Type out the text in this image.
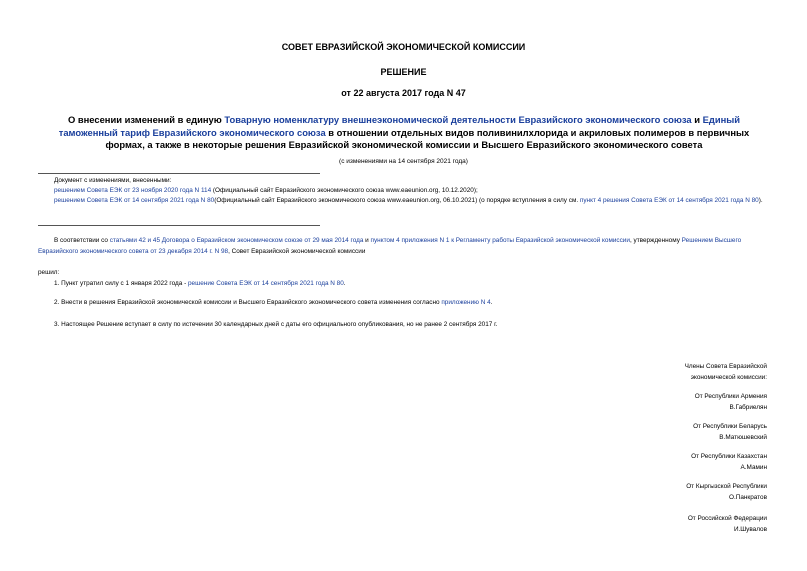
СОВЕТ ЕВРАЗИЙСКОЙ ЭКОНОМИЧЕСКОЙ КОМИССИИ
РЕШЕНИЕ
от 22 августа 2017 года N 47
О внесении изменений в единую Товарную номенклатуру внешнеэкономической деятельности Евразийского экономического союза и Единый таможенный тариф Евразийского экономического союза в отношении отдельных видов поливинилхлорида и акриловых полимеров в первичных формах, а также в некоторые решения Евразийской экономической комиссии и Высшего Евразийского экономического совета
(с изменениями на 14 сентября 2021 года)
Документ с изменениями, внесенными:
решением Совета ЕЭК от 23 ноября 2020 года N 114 (Официальный сайт Евразийского экономического союза www.eaeunion.org, 10.12.2020);
решением Совета ЕЭК от 14 сентября 2021 года N 80(Официальный сайт Евразийского экономического союза www.eaeunion.org, 06.10.2021) (о порядке вступления в силу см. пункт 4 решения Совета ЕЭК от 14 сентября 2021 года N 80).
В соответствии со статьями 42 и 45 Договора о Евразийском экономическом союзе от 29 мая 2014 года и пунктом 4 приложения N 1 к Регламенту работы Евразийской экономической комиссии, утвержденному Решением Высшего Евразийского экономического совета от 23 декабря 2014 г. N 98, Совет Евразийской экономической комиссии
решил:
1. Пункт утратил силу с 1 января 2022 года - решение Совета ЕЭК от 14 сентября 2021 года N 80.
2. Внести в решения Евразийской экономической комиссии и Высшего Евразийского экономического совета изменения согласно приложению N 4.
3. Настоящее Решение вступает в силу по истечении 30 календарных дней с даты его официального опубликования, но не ранее 2 сентября 2017 г.
Члены Совета Евразийской
экономической комиссии:
От Республики Армения
В.Габриелян
От Республики Беларусь
В.Матюшевский
От Республики Казахстан
А.Мамин
От Кыргызской Республики
О.Панкратов
От Российской Федерации
И.Шувалов
